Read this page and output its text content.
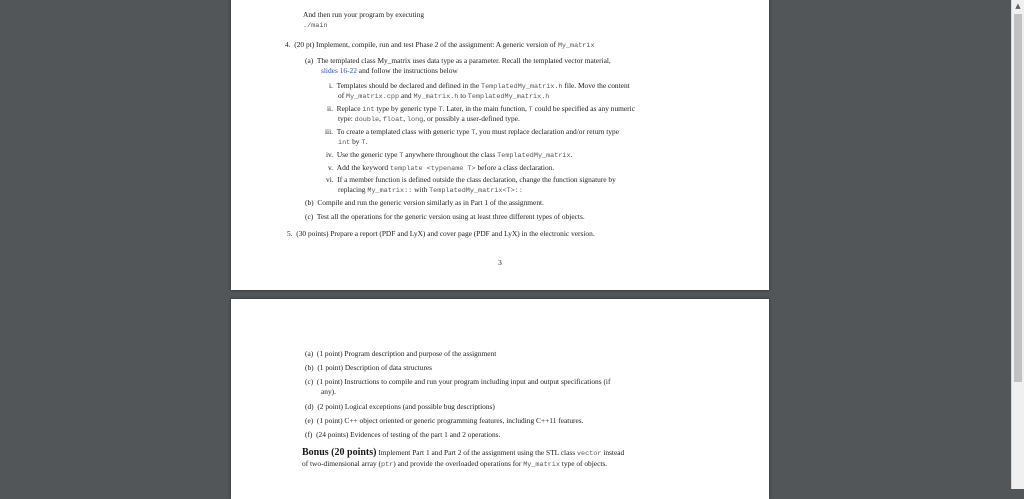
And then run your program by executing
./main
4. (20 pt) Implement, compile, run and test Phase 2 of the assignment: A generic version of My_matrix
(a) The templated class My_matrix uses data type as a parameter. Recall the templated vector material,
slides 16-22 and follow the instructions below
i. Templates should be declared and defined in the TemplatedMy_matrix.h file. Move the content
of My_matrix.cpp and My_matrix.h to TemplatedMy_matrix.h
ii. Replace int type by generic type T. Later, in the main function, T could be specified as any numeric
type: double, float, long, or possibly a user-defined type.
iii. To create a templated class with generic type T, you must replace declaration and/or return type
int by T.
iv. Use the generic type T anywhere throughout the class TemplatedMy_matrix.
v. Add the keyword template <typename T> before a class declaration.
vi. If a member function is defined outside the class declaration, change the function signature by
replacing My_matrix:: with TemplatedMy_matrix<T>::
(b) Compile and run the generic version similarly as in Part 1 of the assignment.
(c) Test all the operations for the generic version using at least three different types of objects.
5. (30 points) Prepare a report (PDF and LyX) and cover page (PDF and LyX) in the electronic version.
3
(a) (1 point) Program description and purpose of the assignment
(b) (1 point) Description of data structures
(c) (1 point) Instructions to compile and run your program including input and output specifications (if
any).
(d) (2 point) Logical exceptions (and possible bug descriptions)
(e) (1 point) C++ object oriented or generic programming features, including C++11 features.
(f) (24 points) Evidences of testing of the part 1 and 2 operations.
Bonus (20 points) Implement Part 1 and Part 2 of the assignment using the STL class vector instead
of two-dimensional array (ptr) and provide the overloaded operations for My_matrix type of objects.
▲
